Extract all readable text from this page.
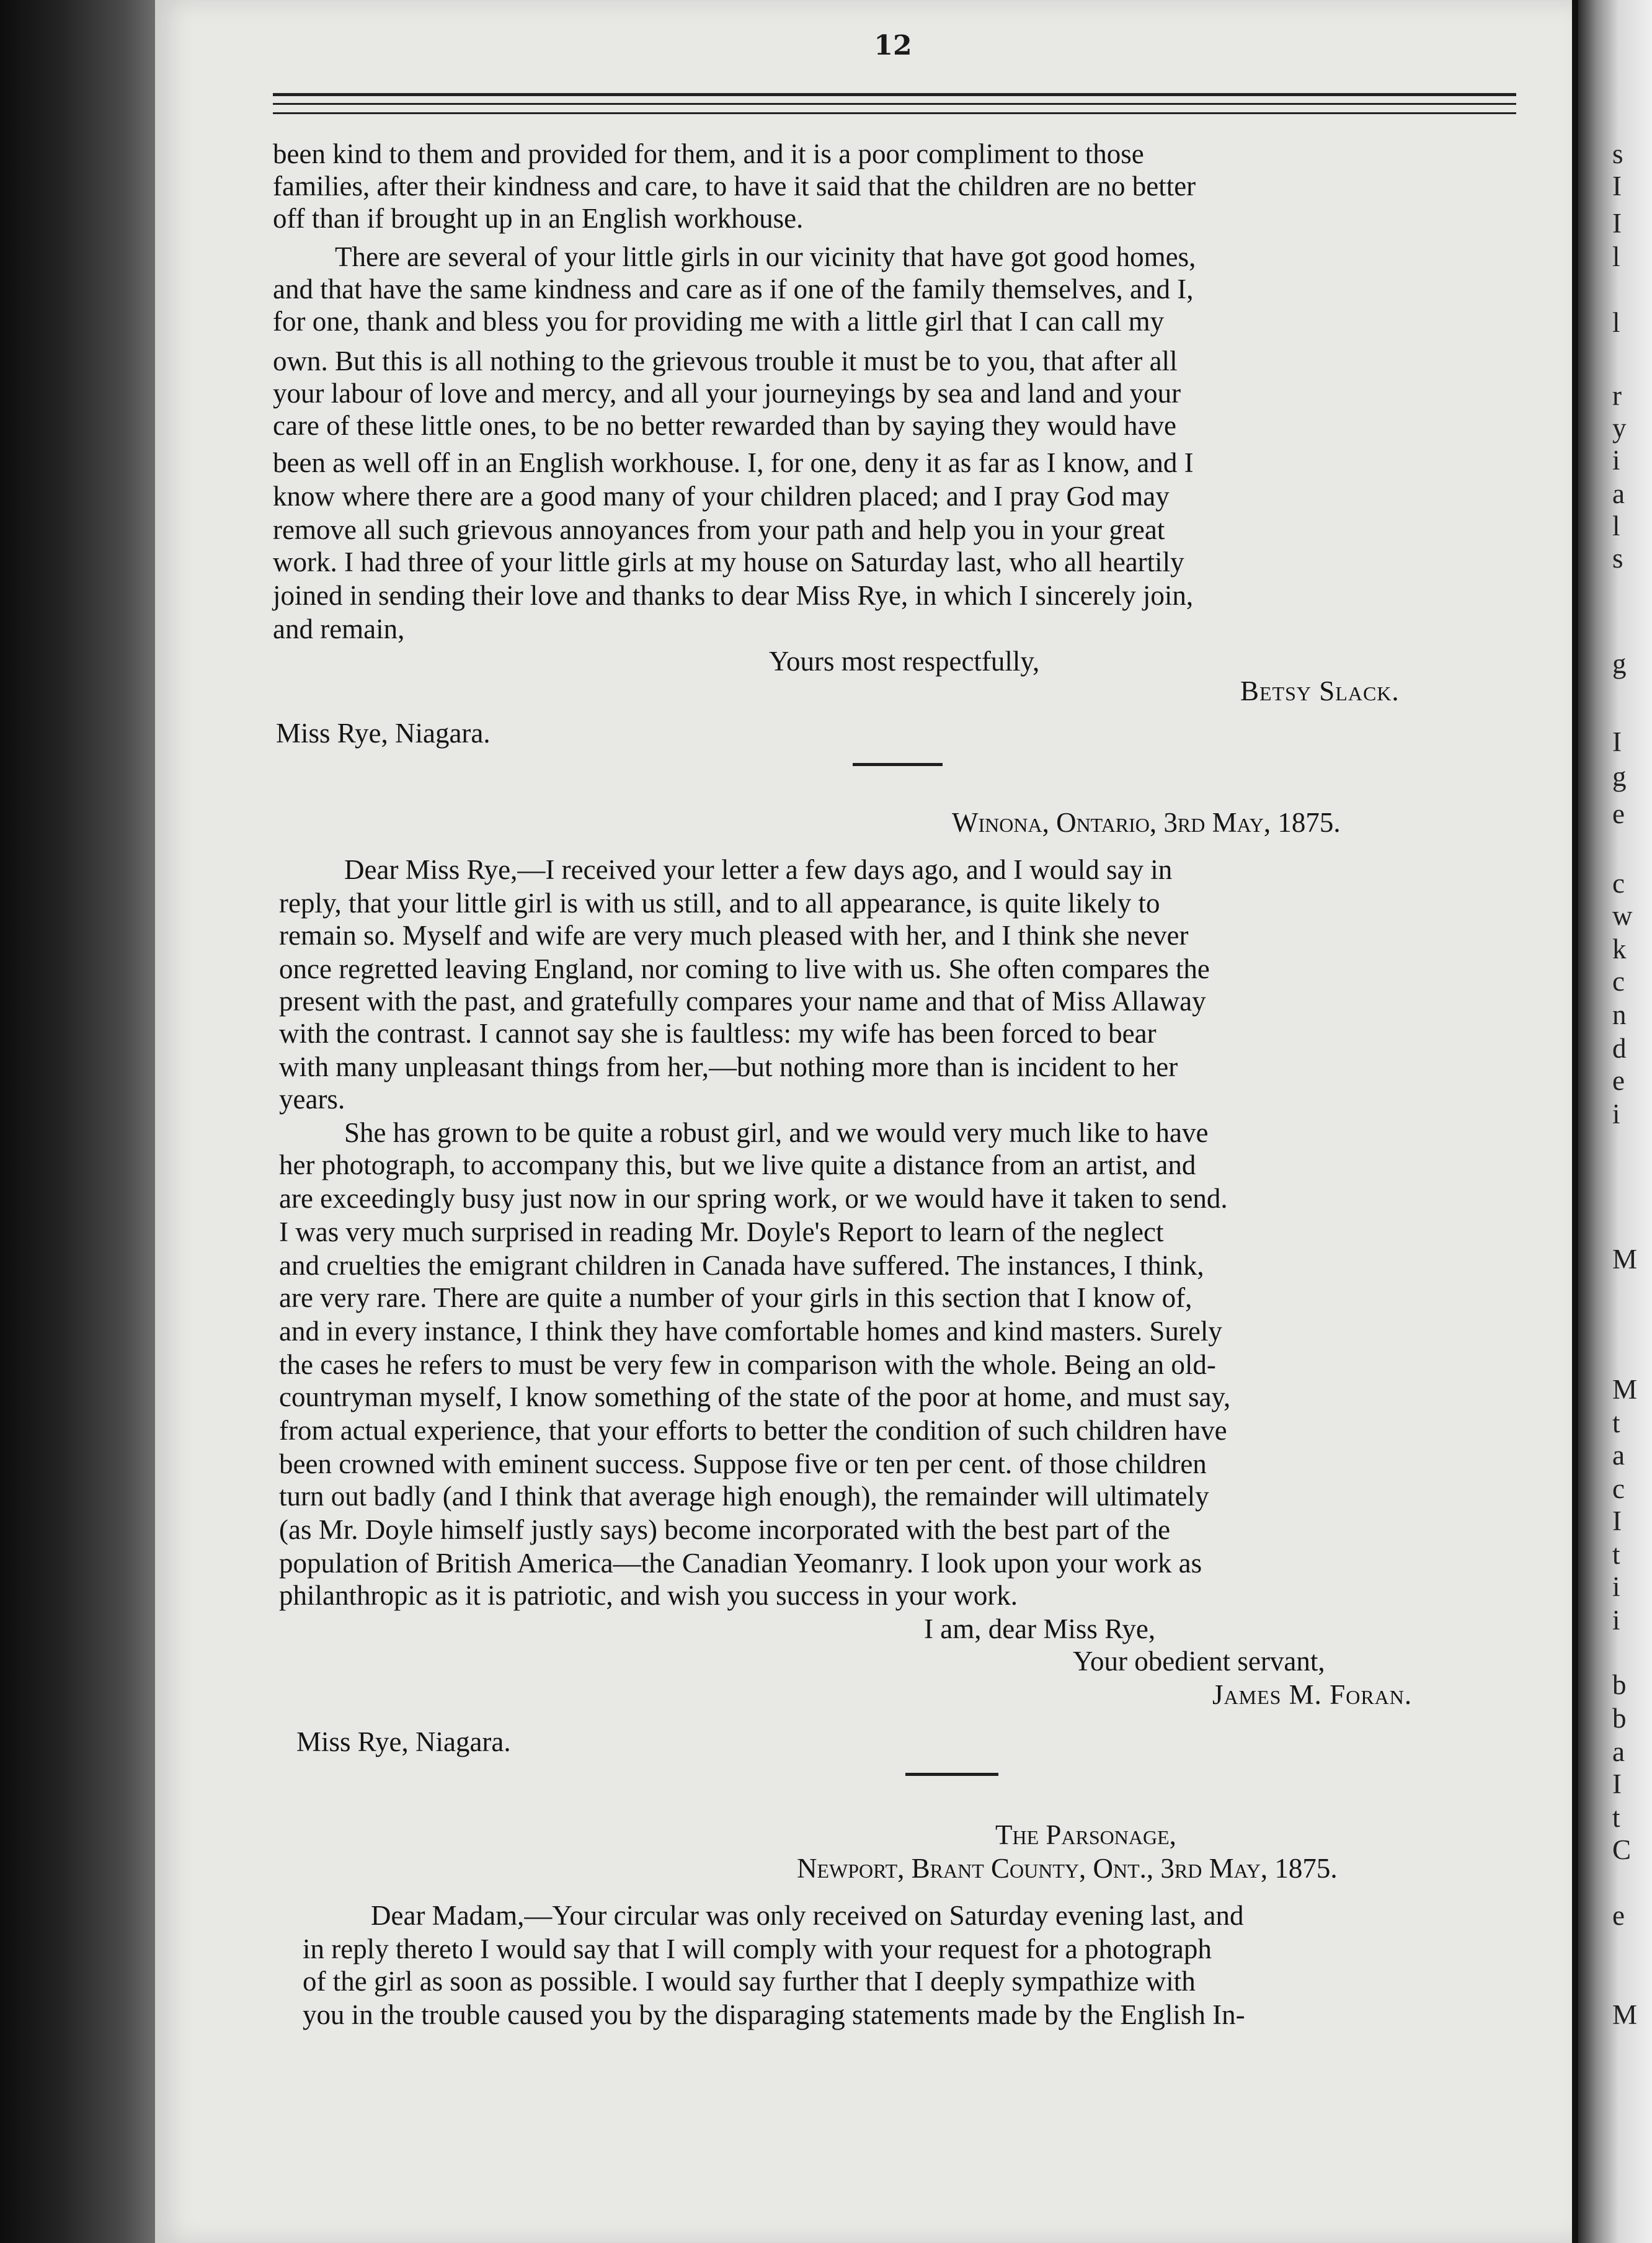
12
been kind to them and provided for them, and it is a poor compliment to those
families, after their kindness and care, to have it said that the children are no better
off than if brought up in an English workhouse.
There are several of your little girls in our vicinity that have got good homes,
and that have the same kindness and care as if one of the family themselves, and I,
for one, thank and bless you for providing me with a little girl that I can call my
own. But this is all nothing to the grievous trouble it must be to you, that after all
your labour of love and mercy, and all your journeyings by sea and land and your
care of these little ones, to be no better rewarded than by saying they would have
been as well off in an English workhouse. I, for one, deny it as far as I know, and I
know where there are a good many of your children placed; and I pray God may
remove all such grievous annoyances from your path and help you in your great
work. I had three of your little girls at my house on Saturday last, who all heartily
joined in sending their love and thanks to dear Miss Rye, in which I sincerely join,
and remain,
Yours most respectfully,
Betsy Slack.
Miss Rye, Niagara.
Winona, Ontario, 3rd May, 1875.
Dear Miss Rye,—I received your letter a few days ago, and I would say in
reply, that your little girl is with us still, and to all appearance, is quite likely to
remain so. Myself and wife are very much pleased with her, and I think she never
once regretted leaving England, nor coming to live with us. She often compares the
present with the past, and gratefully compares your name and that of Miss Allaway
with the contrast. I cannot say she is faultless: my wife has been forced to bear
with many unpleasant things from her,—but nothing more than is incident to her
years.
She has grown to be quite a robust girl, and we would very much like to have
her photograph, to accompany this, but we live quite a distance from an artist, and
are exceedingly busy just now in our spring work, or we would have it taken to send.
I was very much surprised in reading Mr. Doyle's Report to learn of the neglect
and cruelties the emigrant children in Canada have suffered. The instances, I think,
are very rare. There are quite a number of your girls in this section that I know of,
and in every instance, I think they have comfortable homes and kind masters. Surely
the cases he refers to must be very few in comparison with the whole. Being an old-
countryman myself, I know something of the state of the poor at home, and must say,
from actual experience, that your efforts to better the condition of such children have
been crowned with eminent success. Suppose five or ten per cent. of those children
turn out badly (and I think that average high enough), the remainder will ultimately
(as Mr. Doyle himself justly says) become incorporated with the best part of the
population of British America—the Canadian Yeomanry. I look upon your work as
philanthropic as it is patriotic, and wish you success in your work.
I am, dear Miss Rye,
Your obedient servant,
James M. Foran.
Miss Rye, Niagara.
The Parsonage,
Newport, Brant County, Ont., 3rd May, 1875.
Dear Madam,—Your circular was only received on Saturday evening last, and
in reply thereto I would say that I will comply with your request for a photograph
of the girl as soon as possible. I would say further that I deeply sympathize with
you in the trouble caused you by the disparaging statements made by the English In-
s
I
I
l
l
r
y
i
a
l
s
g
I
g
e
c
w
k
c
n
d
e
i
M
M
t
a
c
I
t
i
i
b
b
a
I
t
C
e
M
